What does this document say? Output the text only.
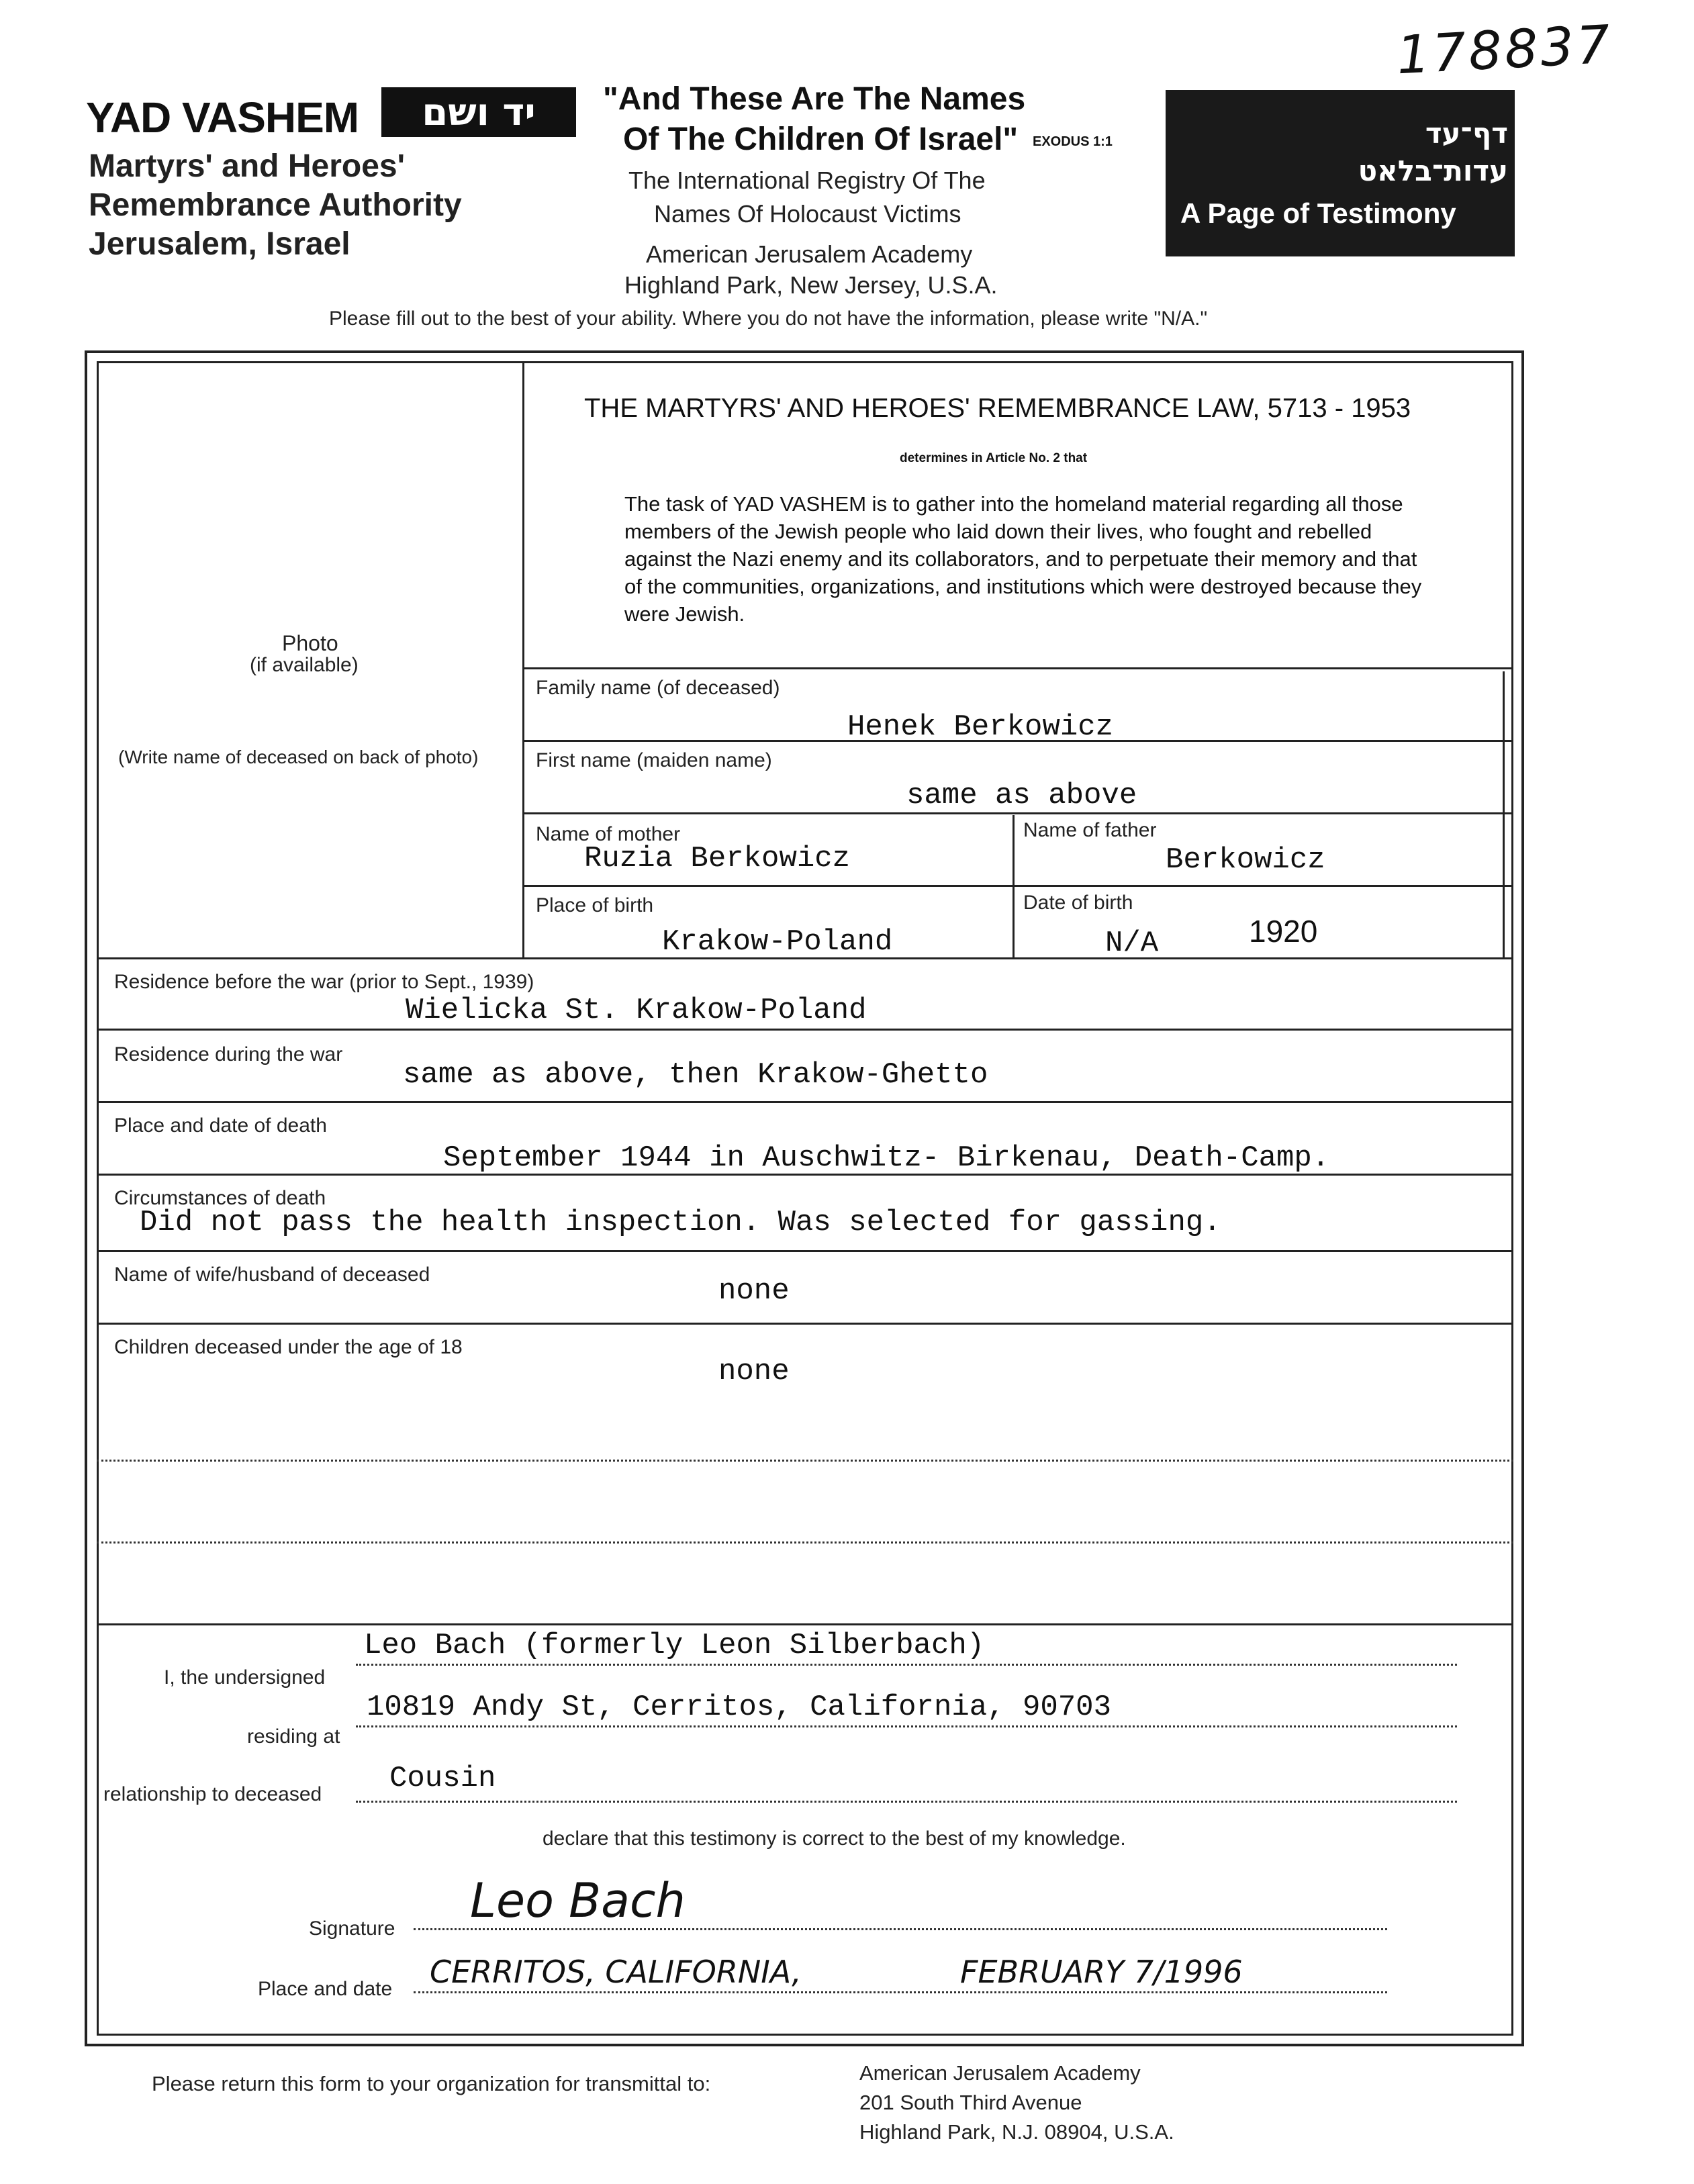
178837
YAD VASHEM	יד ושם
Martyrs' and Heroes'
Remembrance Authority
Jerusalem, Israel
"And These Are The Names
Of The Children Of Israel" EXODUS 1:1
The International Registry Of The
Names Of Holocaust Victims
American Jerusalem Academy
Highland Park, New Jersey, U.S.A.
דף־עד
עדות־בלאט
A Page of Testimony
Please fill out to the best of your ability. Where you do not have the information, please write "N/A."
Photo
(if available)
(Write name of deceased on back of photo)
THE MARTYRS' AND HEROES' REMEMBRANCE LAW, 5713 - 1953
determines in Article No. 2 that
The task of YAD VASHEM is to gather into the homeland material regarding all those members of the Jewish people who laid down their lives, who fought and rebelled against the Nazi enemy and its collaborators, and to perpetuate their memory and that of the communities, organizations, and institutions which were destroyed because they were Jewish.
Family name (of deceased)
Henek Berkowicz
First name (maiden name)
same as above
Name of mother
Ruzia Berkowicz
Name of father
Berkowicz
Place of birth
Krakow-Poland
Date of birth
N/A	1920
Residence before the war (prior to Sept., 1939)
Wielicka St. Krakow-Poland
Residence during the war
same as above, then Krakow-Ghetto
Place and date of death
September 1944 in Auschwitz- Birkenau, Death-Camp.
Circumstances of death
Did not pass the health inspection. Was selected for gassing.
Name of wife/husband of deceased	none
Children deceased under the age of 18
none
I, the undersigned
Leo Bach (formerly Leon Silberbach)
residing at
10819 Andy St, Cerritos, California, 90703
relationship to deceased Cousin
declare that this testimony is correct to the best of my knowledge.
Signature
Leo Bach
Place and date CERRITOS, CALIFORNIA,	FEBRUARY 7/1996
Please return this form to your organization for transmittal to:	American Jerusalem Academy
201 South Third Avenue
Highland Park, N.J. 08904, U.S.A.
